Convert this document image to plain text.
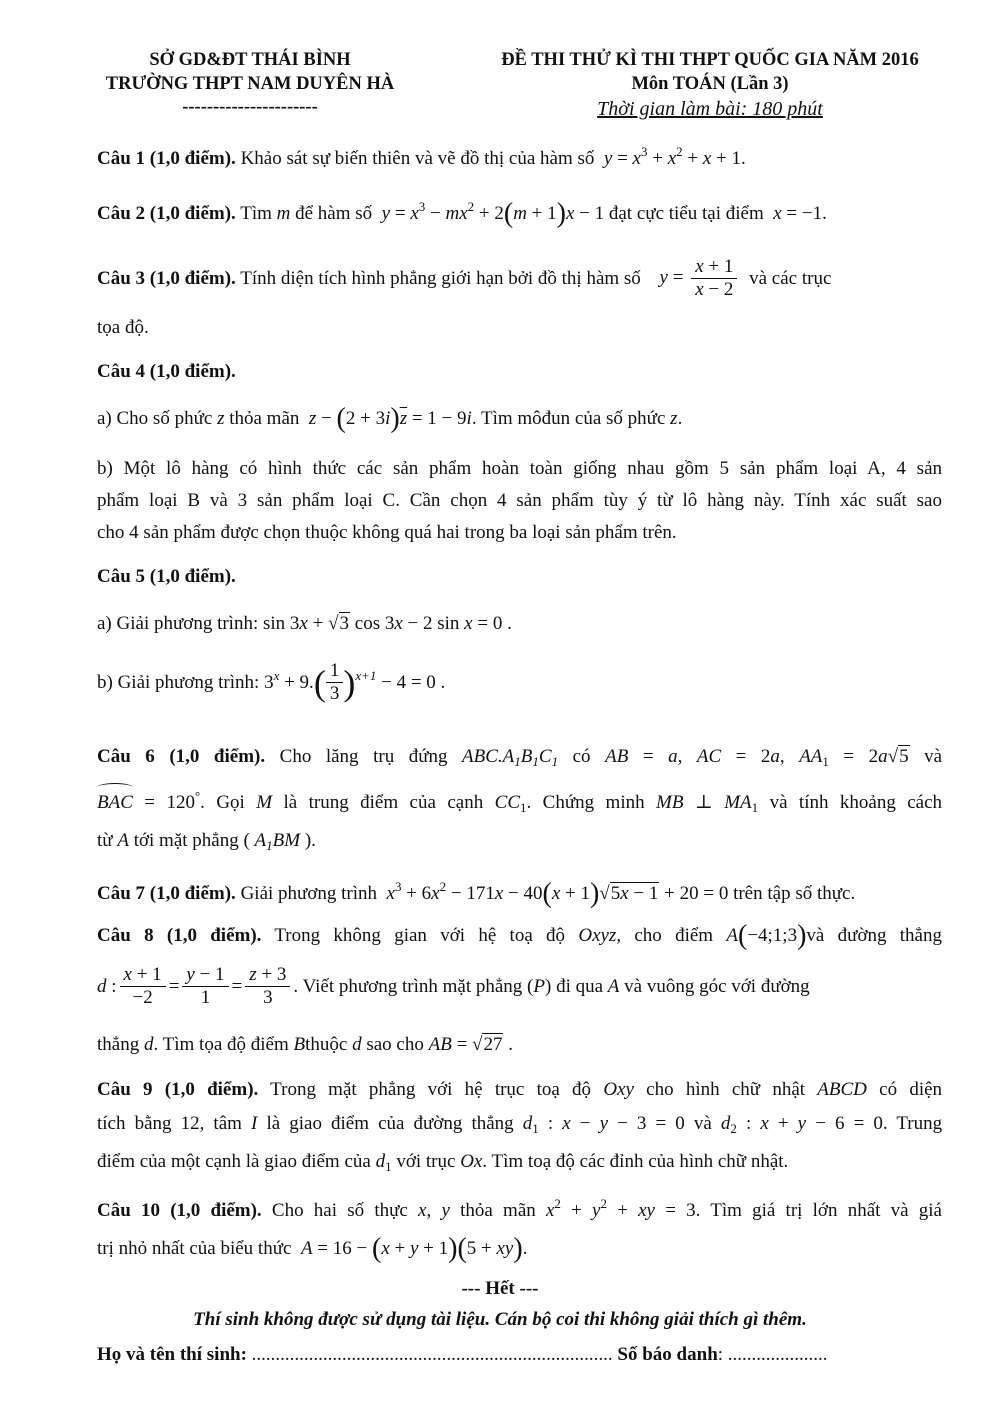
SỞ GD&ĐT THÁI BÌNH
TRƯỜNG THPT NAM DUYÊN HÀ
----------------------
ĐỀ THI THỬ KÌ THI THPT QUỐC GIA NĂM 2016
Môn TOÁN (Lần 3)
Thời gian làm bài: 180 phút
Câu 1 (1,0 điểm). Khảo sát sự biến thiên và vẽ đồ thị của hàm số $y = x^3 + x^2 + x + 1$.
Câu 2 (1,0 điểm). Tìm m để hàm số $y = x^3 - mx^2 + 2(m + 1)x - 1$ đạt cực tiểu tại điểm x = −1.
Câu 3 (1,0 điểm). Tính diện tích hình phẳng giới hạn bởi đồ thị hàm số $y = \frac{x + 1}{x - 2}$ và các trục
tọa độ.
Câu 4 (1,0 điểm).
a) Cho số phức z thỏa mãn $z - (2 + 3i)\overline{z} = 1 - 9i$. Tìm môđun của số phức z.
b) Một lô hàng có hình thức các sản phẩm hoàn toàn giống nhau gồm 5 sản phẩm loại A, 4 sản
phẩm loại B và 3 sản phẩm loại C. Cần chọn 4 sản phẩm tùy ý từ lô hàng này. Tính xác suất sao
cho 4 sản phẩm được chọn thuộc không quá hai trong ba loại sản phẩm trên.
Câu 5 (1,0 điểm).
a) Giải phương trình: sin 3x + √3 cos 3x − 2 sin x = 0 .
b) Giải phương trình: $3^x + 9.( \frac{1}{3} )x+1 - 4 = 0$ .
Câu 6 (1,0 điểm). Cho lăng trụ đứng $ABC.A_1B_1C_1$ có AB = a, AC = 2a, $AA_1 = 2a√5$ và
BAC = 120°. Gọi M là trung điểm của cạnh $CC_1$. Chứng minh MB ⊥ $MA_1$ và tính khoảng cách
từ A tới mặt phẳng ( $A_1BM$ ).
Câu 7 (1,0 điểm). Giải phương trình $x^3 + 6x^2 - 171x - 40(x + 1)√5x - 1 + 20 = 0$ trên tập số thực.
Câu 8 (1,0 điểm). Trong không gian với hệ toạ độ Oxyz, cho điểm A(−4;1;3)và đường thẳng
d : $\frac{x + 1}{-2} = \frac{y - 1}{1} = \frac{z + 3}{3}$ . Viết phương trình mặt phẳng (P) đi qua A và vuông góc với đường
thẳng d. Tìm tọa độ điểm Bthuộc d sao cho AB = √27 .
Câu 9 (1,0 điểm). Trong mặt phẳng với hệ trục toạ độ Oxy cho hình chữ nhật ABCD có diện
tích bằng 12, tâm I là giao điểm của đường thẳng $d_1$ : x − y − 3 = 0 và $d_2$ : x + y − 6 = 0. Trung
điểm của một cạnh là giao điểm của $d_1$ với trục Ox. Tìm toạ độ các đỉnh của hình chữ nhật.
Câu 10 (1,0 điểm). Cho hai số thực x, y thỏa mãn $x^2 + y^2$ + xy = 3. Tìm giá trị lớn nhất và giá
trị nhỏ nhất của biểu thức A = 16 − (x + y + 1)(5 + xy).
--- Hết ---
Thí sinh không được sử dụng tài liệu. Cán bộ coi thi không giải thích gì thêm.
Họ và tên thí sinh: ............................................................................ Số báo danh: .....................
